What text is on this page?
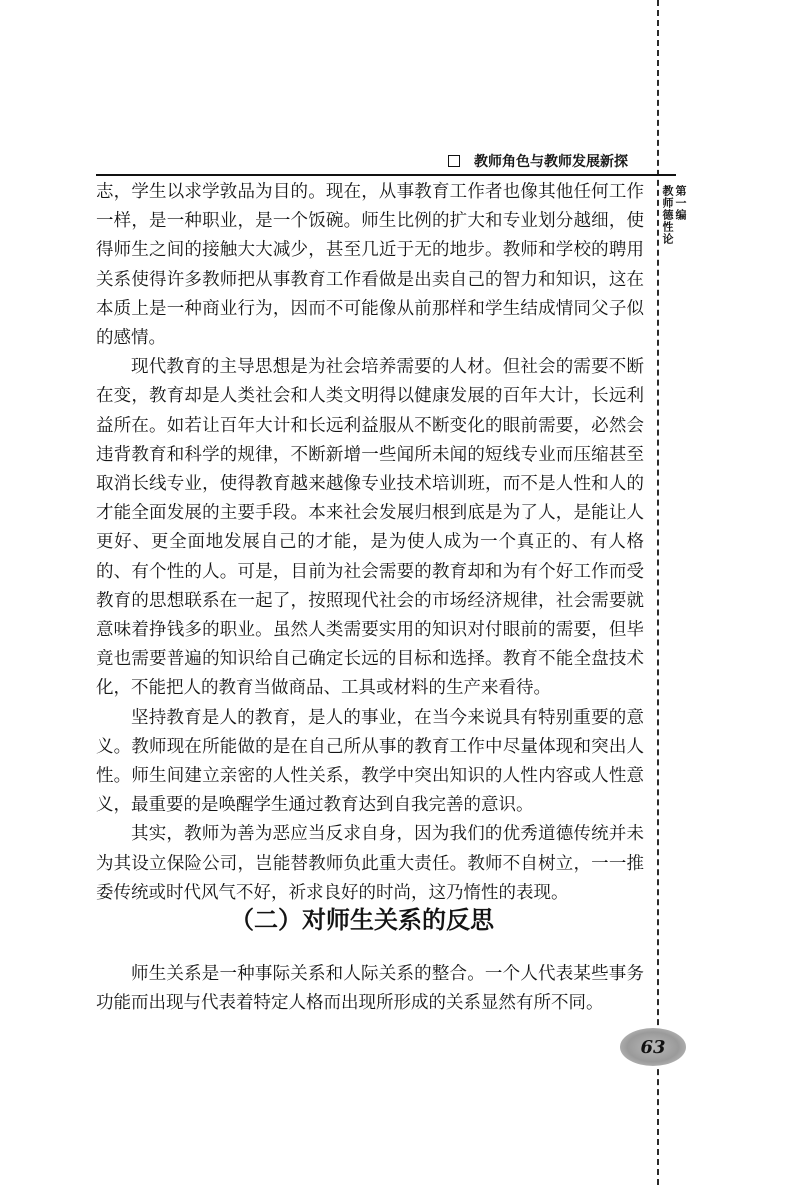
教师角色与教师发展新探
第一编
教师德性论

志，学生以求学敦品为目的。现在，从事教育工作者也像其他任何工作一样，是一种职业，是一个饭碗。师生比例的扩大和专业划分越细，使得师生之间的接触大大减少，甚至几近于无的地步。教师和学校的聘用关系使得许多教师把从事教育工作看做是出卖自己的智力和知识，这在本质上是一种商业行为，因而不可能像从前那样和学生结成情同父子似的感情。

现代教育的主导思想是为社会培养需要的人材。但社会的需要不断在变，教育却是人类社会和人类文明得以健康发展的百年大计，长远利益所在。如若让百年大计和长远利益服从不断变化的眼前需要，必然会违背教育和科学的规律，不断新增一些闻所未闻的短线专业而压缩甚至取消长线专业，使得教育越来越像专业技术培训班，而不是人性和人的才能全面发展的主要手段。本来社会发展归根到底是为了人，是能让人更好、更全面地发展自己的才能，是为使人成为一个真正的、有人格的、有个性的人。可是，目前为社会需要的教育却和为有个好工作而受教育的思想联系在一起了，按照现代社会的市场经济规律，社会需要就意味着挣钱多的职业。虽然人类需要实用的知识对付眼前的需要，但毕竟也需要普遍的知识给自己确定长远的目标和选择。教育不能全盘技术化，不能把人的教育当做商品、工具或材料的生产来看待。

坚持教育是人的教育，是人的事业，在当今来说具有特别重要的意义。教师现在所能做的是在自己所从事的教育工作中尽量体现和突出人性。师生间建立亲密的人性关系，教学中突出知识的人性内容或人性意义，最重要的是唤醒学生通过教育达到自我完善的意识。

其实，教师为善为恶应当反求自身，因为我们的优秀道德传统并未为其设立保险公司，岂能替教师负此重大责任。教师不自树立，一一推委传统或时代风气不好，祈求良好的时尚，这乃惰性的表现。

（二）对师生关系的反思

师生关系是一种事际关系和人际关系的整合。一个人代表某些事务功能而出现与代表着特定人格而出现所形成的关系显然有所不同。

63
